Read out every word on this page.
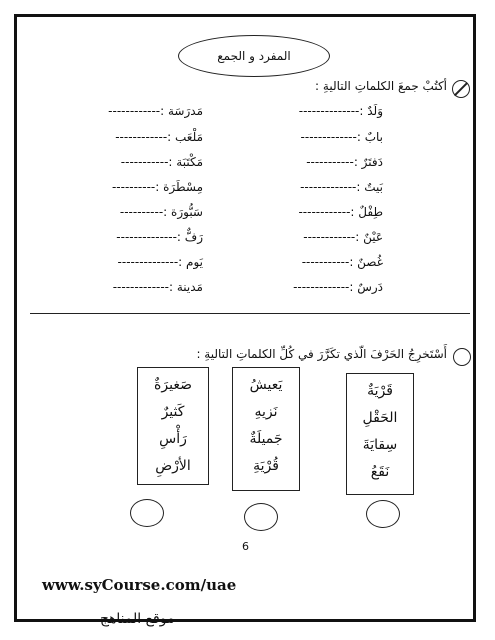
المفرد و الجمع
أكتُبْ جمعَ الكلماتِ التاليةِ :
وَلَدٌ :--------------
بابٌ :-------------
دَفتَرٌ :-----------
بَيتٌ :-------------
طِفْلٌ :------------
عَيْنٌ :------------
غُصنٌ :-----------
دَرسٌ :-------------
مَدرَسَة :------------
مَلْعَب :------------
مَكْتَبَة :-----------
مِسْطَرَة :----------
سَبُّورَة :----------
رَفٌّ :--------------
يَوم :--------------
مَدينة :-------------
أَسْتَخرِجُ الحَرْفَ الّذي تكَرَّرَ في كُلِّ الكلماتِ التاليةِ :
قَرْيَةٌ
الحَقْلِ
سِقايَةَ
نَقَعُ
يَعيشُ
نَزيهِ
جَميلَةٌ
قُرْيَةِ
صَغيرَةٌ
كَثيرٌ
رَأْسِ
الأرْضِ
6
www.syCourse.com/uae
موقع المناهج
